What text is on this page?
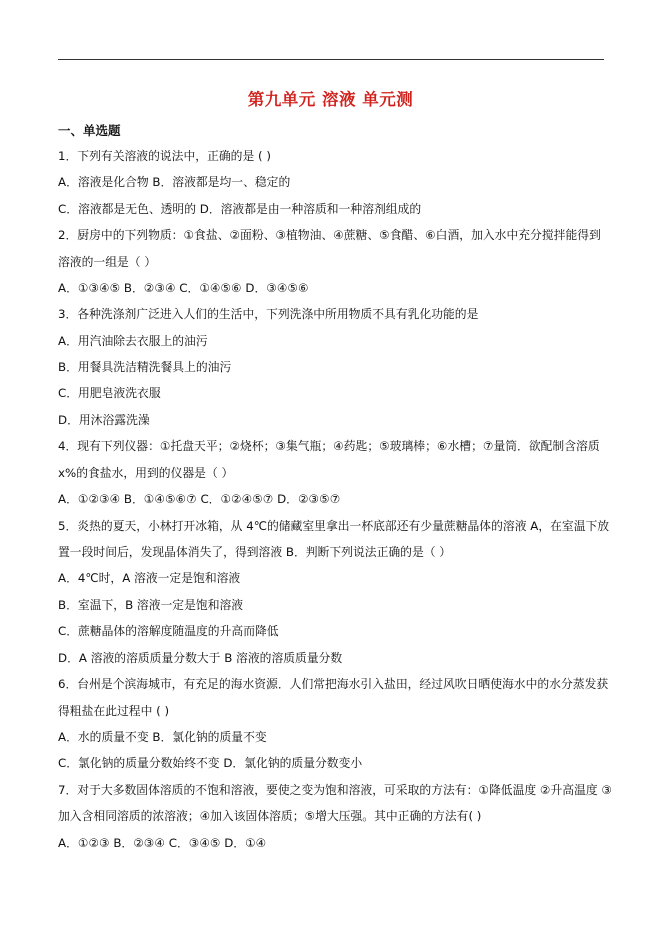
第九单元 溶液 单元测
一、单选题
1．下列有关溶液的说法中，正确的是 ( )
A．溶液是化合物 B．溶液都是均一、稳定的
C．溶液都是无色、透明的 D．溶液都是由一种溶质和一种溶剂组成的
2．厨房中的下列物质：①食盐、②面粉、③植物油、④蔗糖、⑤食醋、⑥白酒，加入水中充分搅拌能得到
溶液的一组是（ ）
A．①③④⑤ B．②③④ C．①④⑤⑥ D．③④⑤⑥
3．各种洗涤剂广泛进入人们的生活中，下列洗涤中所用物质不具有乳化功能的是
A．用汽油除去衣服上的油污
B．用餐具洗洁精洗餐具上的油污
C．用肥皂液洗衣服
D．用沐浴露洗澡
4．现有下列仪器：①托盘天平；②烧杯；③集气瓶；④药匙；⑤玻璃棒；⑥水槽；⑦量筒．欲配制含溶质
x%的食盐水，用到的仪器是（ ）
A．①②③④ B．①④⑤⑥⑦ C．①②④⑤⑦ D．②③⑤⑦
5．炎热的夏天，小林打开冰箱，从 4℃的储藏室里拿出一杯底部还有少量蔗糖晶体的溶液 A，在室温下放
置一段时间后，发现晶体消失了，得到溶液 B．判断下列说法正确的是（ ）
A．4℃时，A 溶液一定是饱和溶液
B．室温下，B 溶液一定是饱和溶液
C．蔗糖晶体的溶解度随温度的升高而降低
D．A 溶液的溶质质量分数大于 B 溶液的溶质质量分数
6．台州是个滨海城市，有充足的海水资源．人们常把海水引入盐田，经过风吹日晒使海水中的水分蒸发获
得粗盐在此过程中 ( )
A．水的质量不变 B．氯化钠的质量不变
C．氯化钠的质量分数始终不变 D．氯化钠的质量分数变小
7．对于大多数固体溶质的不饱和溶液，要使之变为饱和溶液，可采取的方法有：①降低温度 ②升高温度 ③
加入含相同溶质的浓溶液；④加入该固体溶质；⑤增大压强。其中正确的方法有( )
A．①②③ B．②③④ C．③④⑤ D．①④
